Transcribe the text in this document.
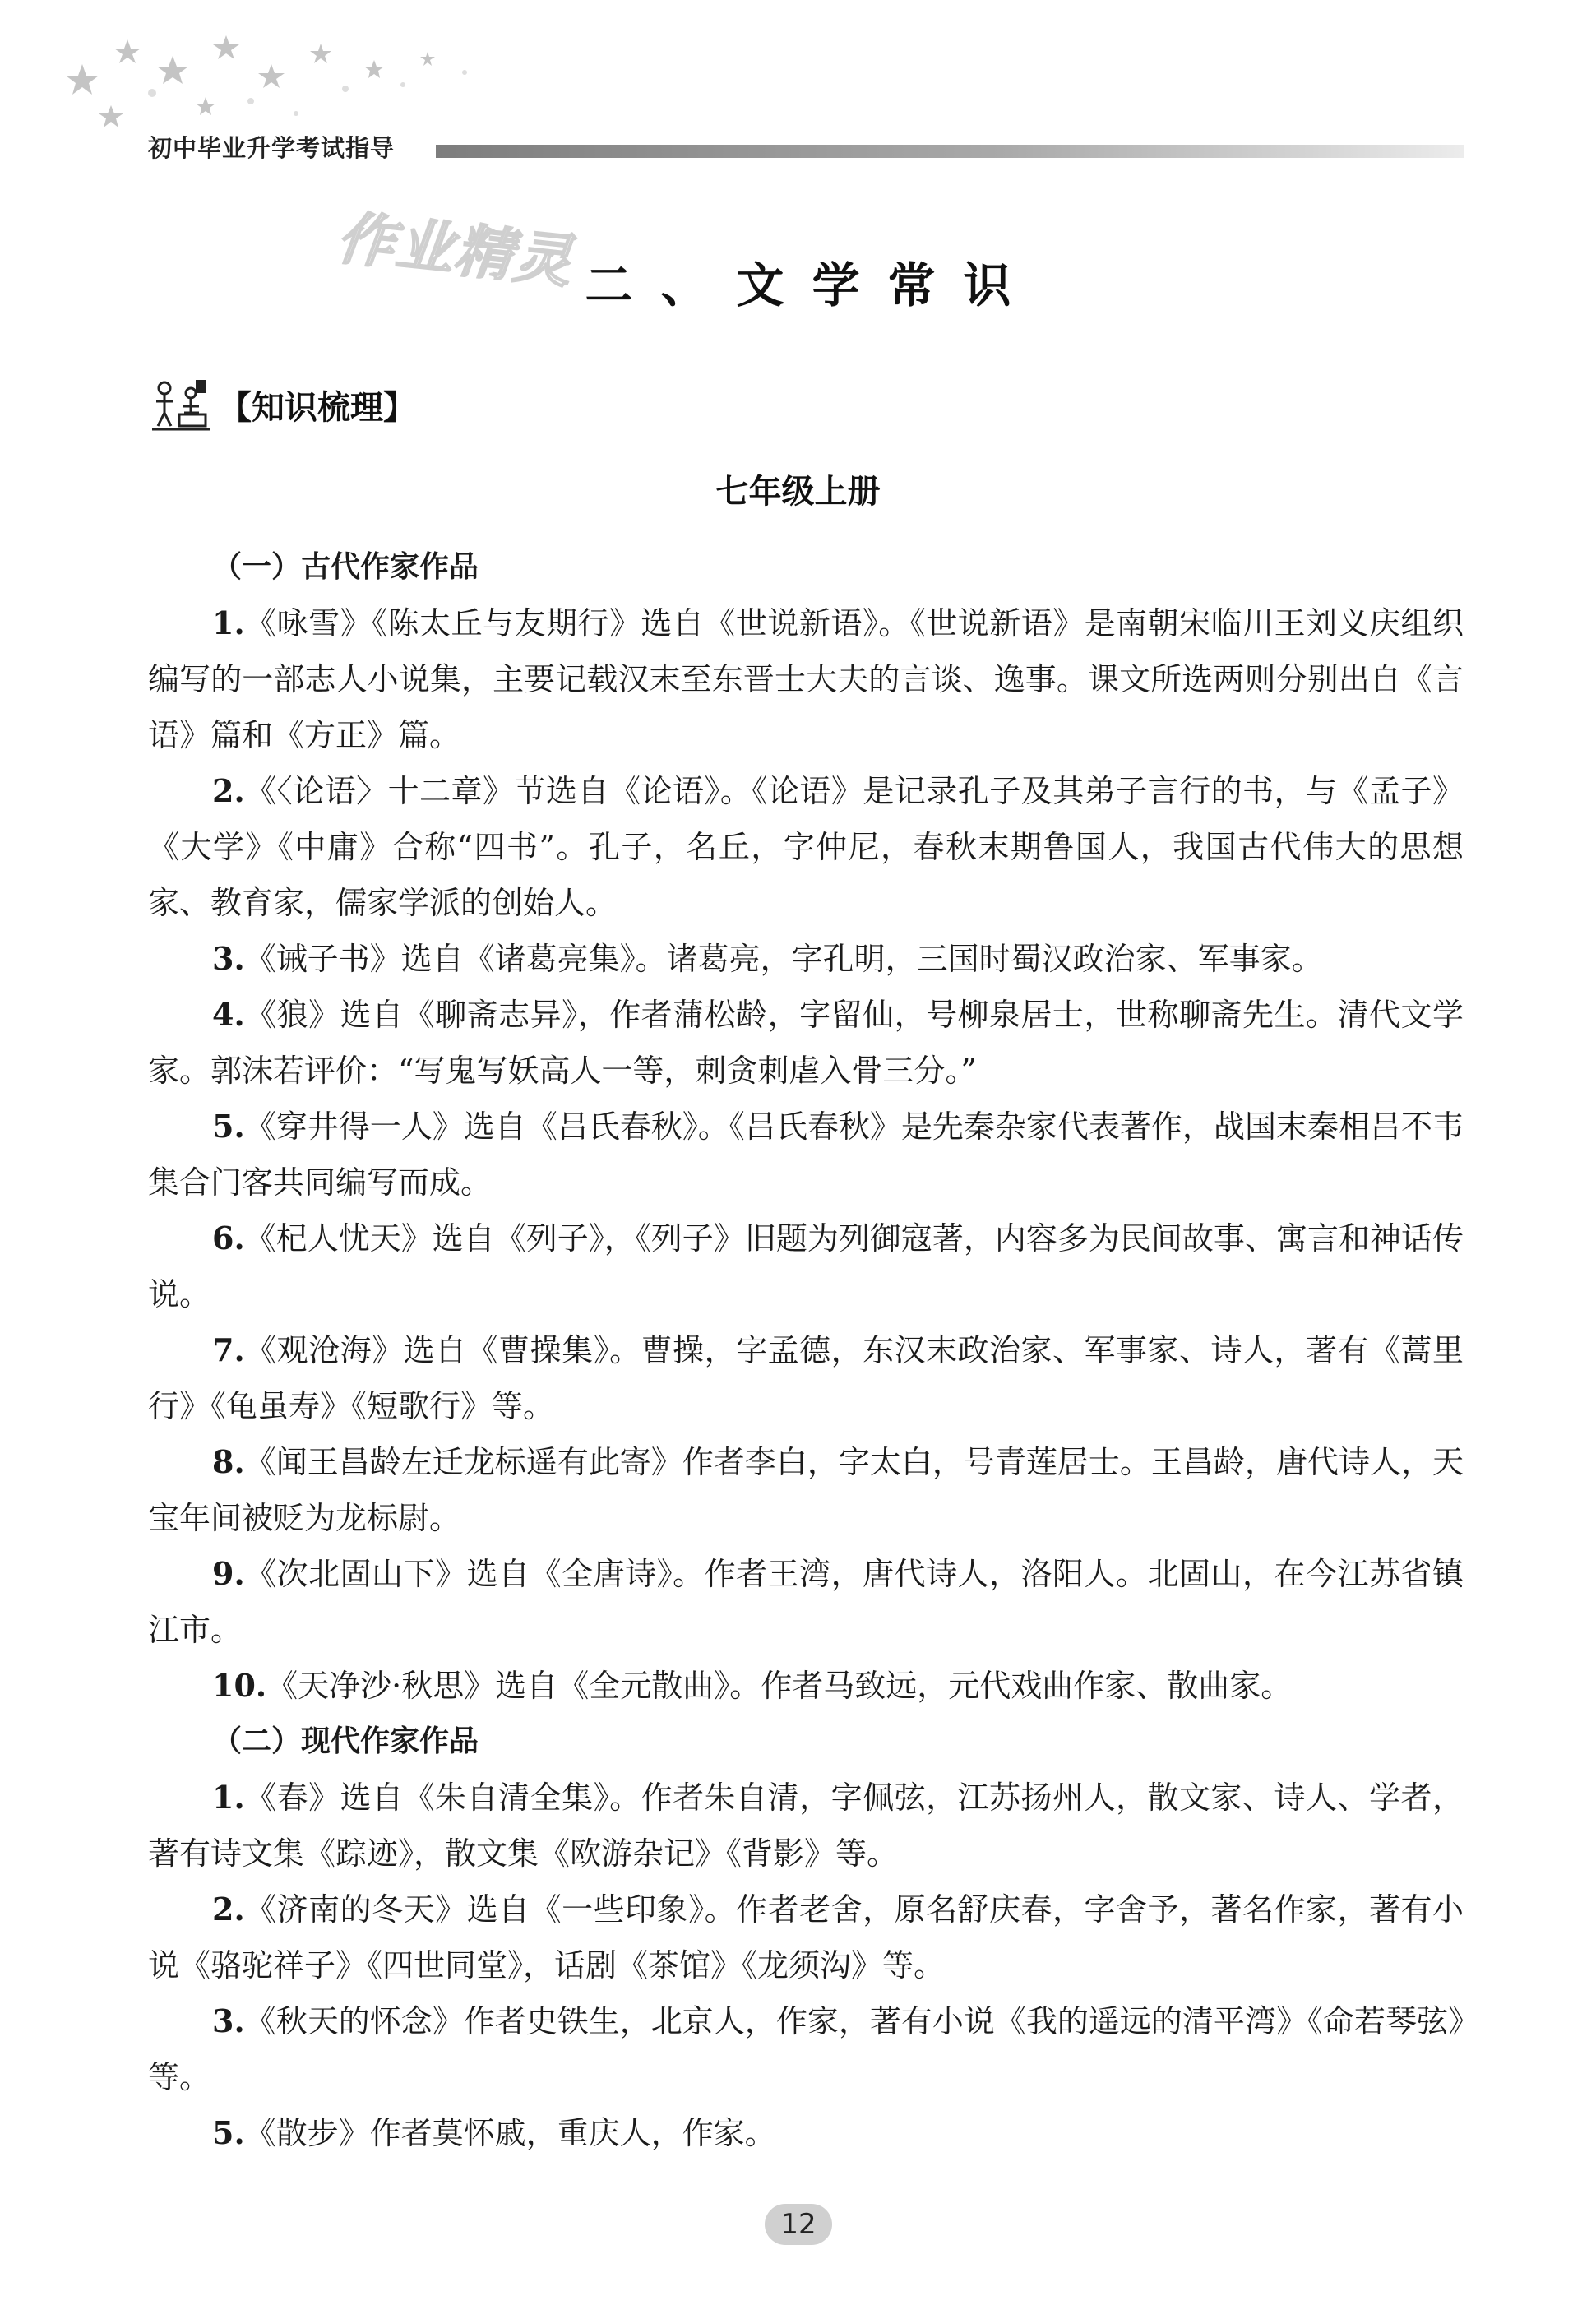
初中毕业升学考试指导
作业精灵 二、文学常识
【知识梳理】
七年级上册

（一）古代作家作品

1.《咏雪》《陈太丘与友期行》选自《世说新语》。《世说新语》是南朝宋临川王刘义庆组织编写的一部志人小说集，主要记载汉末至东晋士大夫的言谈、逸事。课文所选两则分别出自《言语》篇和《方正》篇。

2.《〈论语〉十二章》节选自《论语》。《论语》是记录孔子及其弟子言行的书，与《孟子》《大学》《中庸》合称“四书”。孔子，名丘，字仲尼，春秋末期鲁国人，我国古代伟大的思想家、教育家，儒家学派的创始人。

3.《诫子书》选自《诸葛亮集》。诸葛亮，字孔明，三国时蜀汉政治家、军事家。

4.《狼》选自《聊斋志异》，作者蒲松龄，字留仙，号柳泉居士，世称聊斋先生。清代文学家。郭沫若评价：“写鬼写妖高人一等，刺贪刺虐入骨三分。”

5.《穿井得一人》选自《吕氏春秋》。《吕氏春秋》是先秦杂家代表著作，战国末秦相吕不韦集合门客共同编写而成。

6.《杞人忧天》选自《列子》，《列子》旧题为列御寇著，内容多为民间故事、寓言和神话传说。

7.《观沧海》选自《曹操集》。曹操，字孟德，东汉末政治家、军事家、诗人，著有《蒿里行》《龟虽寿》《短歌行》等。

8.《闻王昌龄左迁龙标遥有此寄》作者李白，字太白，号青莲居士。王昌龄，唐代诗人，天宝年间被贬为龙标尉。

9.《次北固山下》选自《全唐诗》。作者王湾，唐代诗人，洛阳人。北固山，在今江苏省镇江市。

10.《天净沙·秋思》选自《全元散曲》。作者马致远，元代戏曲作家、散曲家。

（二）现代作家作品

1.《春》选自《朱自清全集》。作者朱自清，字佩弦，江苏扬州人，散文家、诗人、学者，著有诗文集《踪迹》，散文集《欧游杂记》《背影》等。

2.《济南的冬天》选自《一些印象》。作者老舍，原名舒庆春，字舍予，著名作家，著有小说《骆驼祥子》《四世同堂》，话剧《茶馆》《龙须沟》等。

3.《秋天的怀念》作者史铁生，北京人，作家，著有小说《我的遥远的清平湾》《命若琴弦》等。

5.《散步》作者莫怀戚，重庆人，作家。

12
